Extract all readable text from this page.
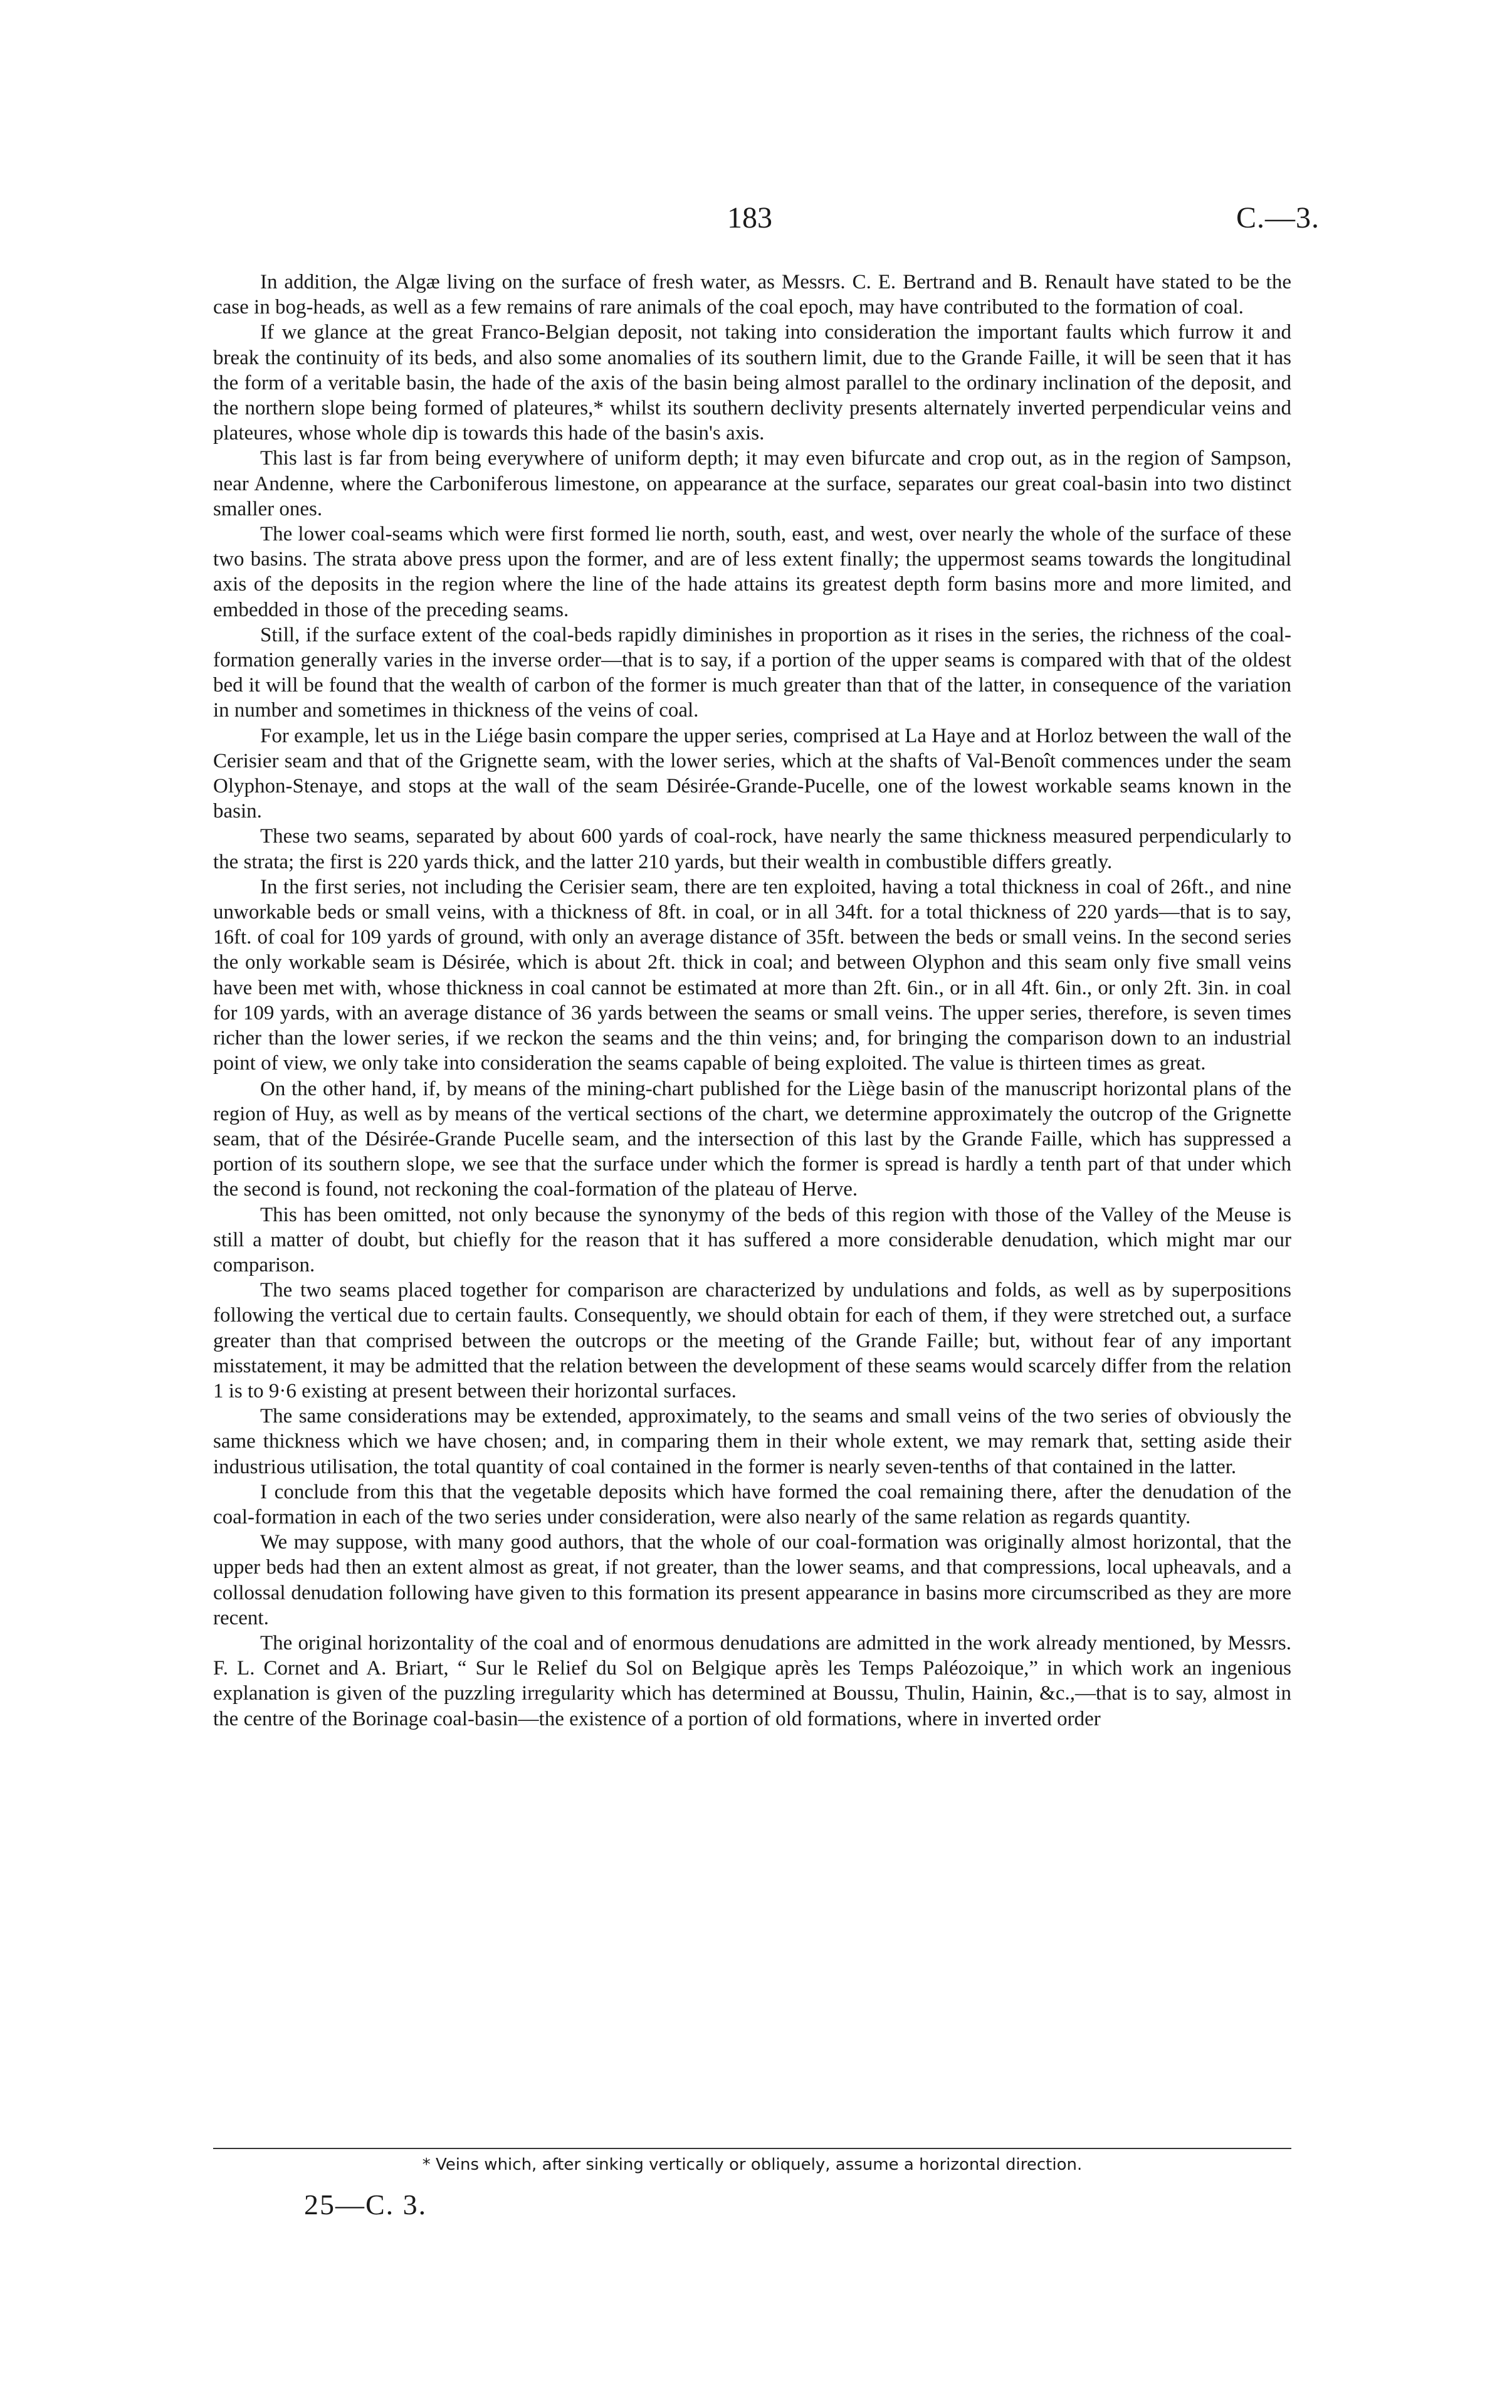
183	C.—3.

In addition, the Algæ living on the surface of fresh water, as Messrs. C. E. Bertrand and B. Renault have stated to be the case in bog-heads, as well as a few remains of rare animals of the coal epoch, may have contributed to the formation of coal.

If we glance at the great Franco-Belgian deposit, not taking into consideration the important faults which furrow it and break the continuity of its beds, and also some anomalies of its southern limit, due to the Grande Faille, it will be seen that it has the form of a veritable basin, the hade of the axis of the basin being almost parallel to the ordinary inclination of the deposit, and the northern slope being formed of plateures,* whilst its southern declivity presents alternately inverted perpendicular veins and plateures, whose whole dip is towards this hade of the basin's axis.

This last is far from being everywhere of uniform depth; it may even bifurcate and crop out, as in the region of Sampson, near Andenne, where the Carboniferous limestone, on appearance at the surface, separates our great coal-basin into two distinct smaller ones.

The lower coal-seams which were first formed lie north, south, east, and west, over nearly the whole of the surface of these two basins. The strata above press upon the former, and are of less extent finally; the uppermost seams towards the longitudinal axis of the deposits in the region where the line of the hade attains its greatest depth form basins more and more limited, and embedded in those of the preceding seams.

Still, if the surface extent of the coal-beds rapidly diminishes in proportion as it rises in the series, the richness of the coal-formation generally varies in the inverse order—that is to say, if a portion of the upper seams is compared with that of the oldest bed it will be found that the wealth of carbon of the former is much greater than that of the latter, in consequence of the variation in number and sometimes in thickness of the veins of coal.

For example, let us in the Liége basin compare the upper series, comprised at La Haye and at Horloz between the wall of the Cerisier seam and that of the Grignette seam, with the lower series, which at the shafts of Val-Benoît commences under the seam Olyphon-Stenaye, and stops at the wall of the seam Désirée-Grande-Pucelle, one of the lowest workable seams known in the basin.

These two seams, separated by about 600 yards of coal-rock, have nearly the same thickness measured perpendicularly to the strata; the first is 220 yards thick, and the latter 210 yards, but their wealth in combustible differs greatly.

In the first series, not including the Cerisier seam, there are ten exploited, having a total thickness in coal of 26ft., and nine unworkable beds or small veins, with a thickness of 8ft. in coal, or in all 34ft. for a total thickness of 220 yards—that is to say, 16ft. of coal for 109 yards of ground, with only an average distance of 35ft. between the beds or small veins. In the second series the only workable seam is Désirée, which is about 2ft. thick in coal; and between Olyphon and this seam only five small veins have been met with, whose thickness in coal cannot be estimated at more than 2ft. 6in., or in all 4ft. 6in., or only 2ft. 3in. in coal for 109 yards, with an average distance of 36 yards between the seams or small veins. The upper series, therefore, is seven times richer than the lower series, if we reckon the seams and the thin veins; and, for bringing the comparison down to an industrial point of view, we only take into consideration the seams capable of being exploited. The value is thirteen times as great.

On the other hand, if, by means of the mining-chart published for the Liège basin of the manuscript horizontal plans of the region of Huy, as well as by means of the vertical sections of the chart, we determine approximately the outcrop of the Grignette seam, that of the Désirée-Grande Pucelle seam, and the intersection of this last by the Grande Faille, which has suppressed a portion of its southern slope, we see that the surface under which the former is spread is hardly a tenth part of that under which the second is found, not reckoning the coal-formation of the plateau of Herve.

This has been omitted, not only because the synonymy of the beds of this region with those of the Valley of the Meuse is still a matter of doubt, but chiefly for the reason that it has suffered a more considerable denudation, which might mar our comparison.

The two seams placed together for comparison are characterized by undulations and folds, as well as by superpositions following the vertical due to certain faults. Consequently, we should obtain for each of them, if they were stretched out, a surface greater than that comprised between the outcrops or the meeting of the Grande Faille; but, without fear of any important misstatement, it may be admitted that the relation between the development of these seams would scarcely differ from the relation 1 is to 9·6 existing at present between their horizontal surfaces.

The same considerations may be extended, approximately, to the seams and small veins of the two series of obviously the same thickness which we have chosen; and, in comparing them in their whole extent, we may remark that, setting aside their industrious utilisation, the total quantity of coal contained in the former is nearly seven-tenths of that contained in the latter.

I conclude from this that the vegetable deposits which have formed the coal remaining there, after the denudation of the coal-formation in each of the two series under consideration, were also nearly of the same relation as regards quantity.

We may suppose, with many good authors, that the whole of our coal-formation was originally almost horizontal, that the upper beds had then an extent almost as great, if not greater, than the lower seams, and that compressions, local upheavals, and a collossal denudation following have given to this formation its present appearance in basins more circumscribed as they are more recent.

The original horizontality of the coal and of enormous denudations are admitted in the work already mentioned, by Messrs. F. L. Cornet and A. Briart, “ Sur le Relief du Sol on Belgique après les Temps Paléozoique,” in which work an ingenious explanation is given of the puzzling irregularity which has determined at Boussu, Thulin, Hainin, &c.,—that is to say, almost in the centre of the Borinage coal-basin—the existence of a portion of old formations, where in inverted order

* Veins which, after sinking vertically or obliquely, assume a horizontal direction.
25—C. 3.
